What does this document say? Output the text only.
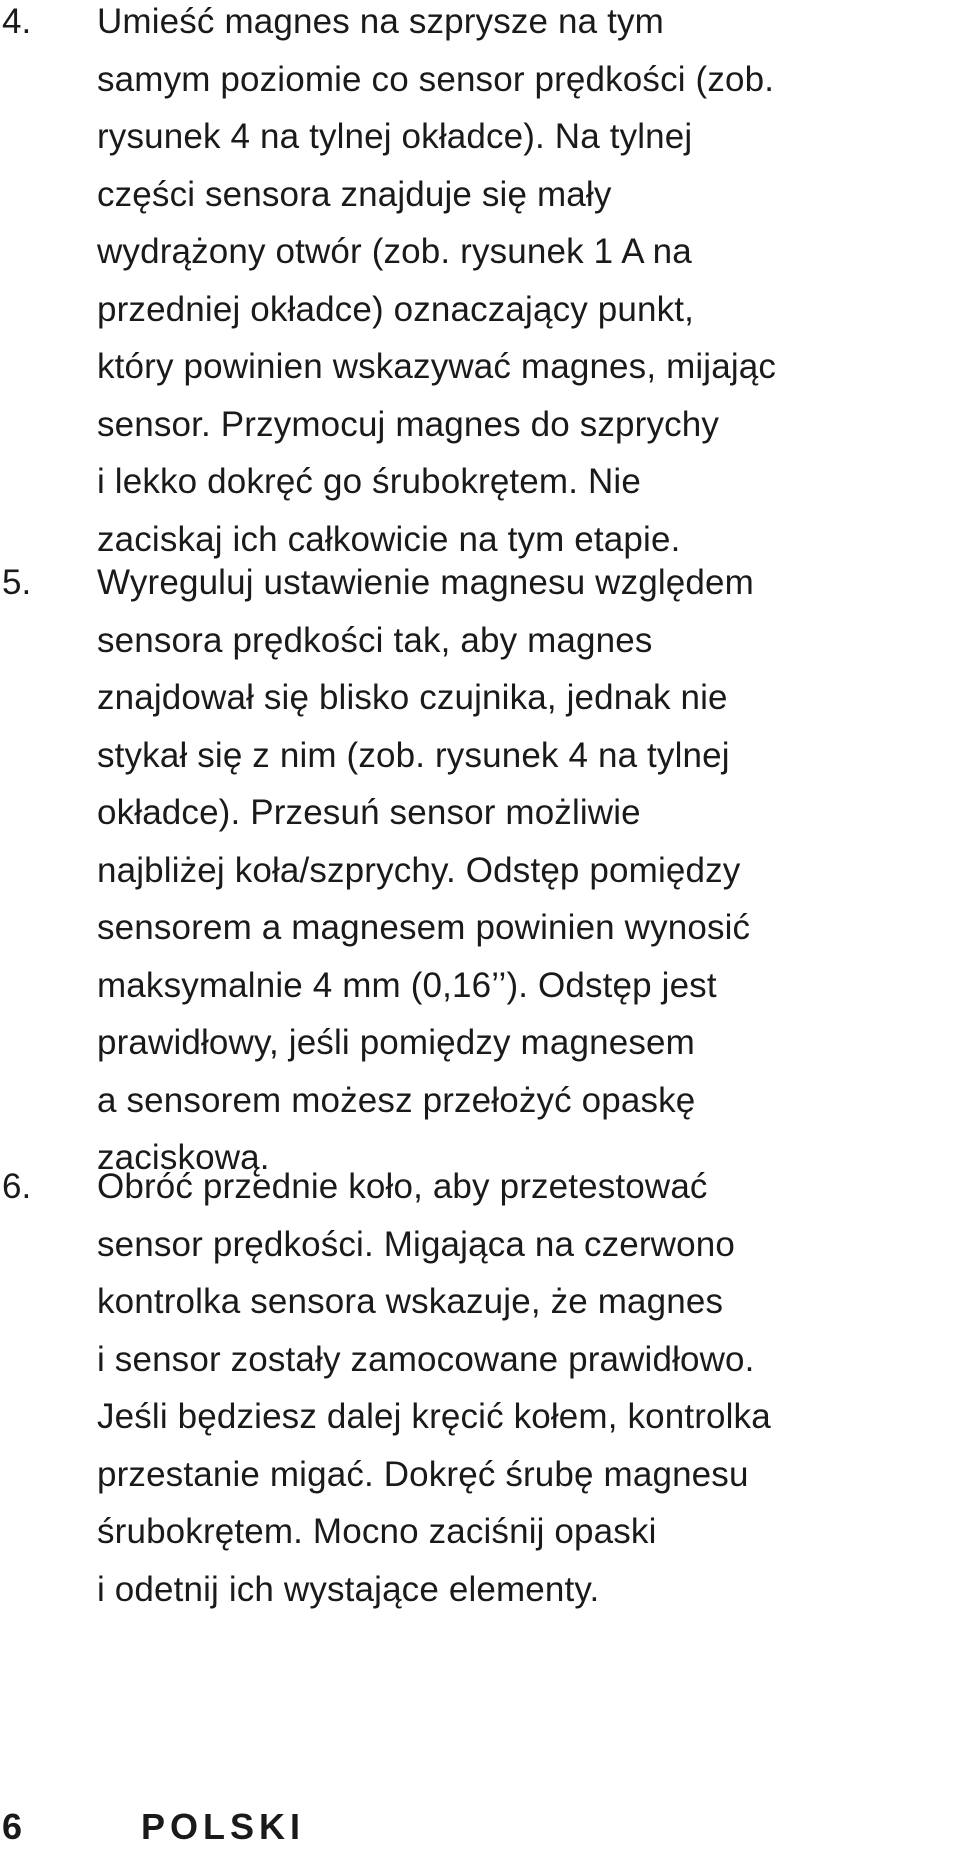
4. Umieść magnes na szprysze na tym
samym poziomie co sensor prędkości (zob.
rysunek 4 na tylnej okładce). Na tylnej
części sensora znajduje się mały
wydrążony otwór (zob. rysunek 1 A na
przedniej okładce) oznaczający punkt,
który powinien wskazywać magnes, mijając
sensor. Przymocuj magnes do szprychy
i lekko dokręć go śrubokrętem. Nie
zaciskaj ich całkowicie na tym etapie.
5. Wyreguluj ustawienie magnesu względem
sensora prędkości tak, aby magnes
znajdował się blisko czujnika, jednak nie
stykał się z nim (zob. rysunek 4 na tylnej
okładce). Przesuń sensor możliwie
najbliżej koła/szprychy. Odstęp pomiędzy
sensorem a magnesem powinien wynosić
maksymalnie 4 mm (0,16’’). Odstęp jest
prawidłowy, jeśli pomiędzy magnesem
a sensorem możesz przełożyć opaskę
zaciskową.
6. Obróć przednie koło, aby przetestować
sensor prędkości. Migająca na czerwono
kontrolka sensora wskazuje, że magnes
i sensor zostały zamocowane prawidłowo.
Jeśli będziesz dalej kręcić kołem, kontrolka
przestanie migać. Dokręć śrubę magnesu
śrubokrętem. Mocno zaciśnij opaski
i odetnij ich wystające elementy.
6	POLSKI
